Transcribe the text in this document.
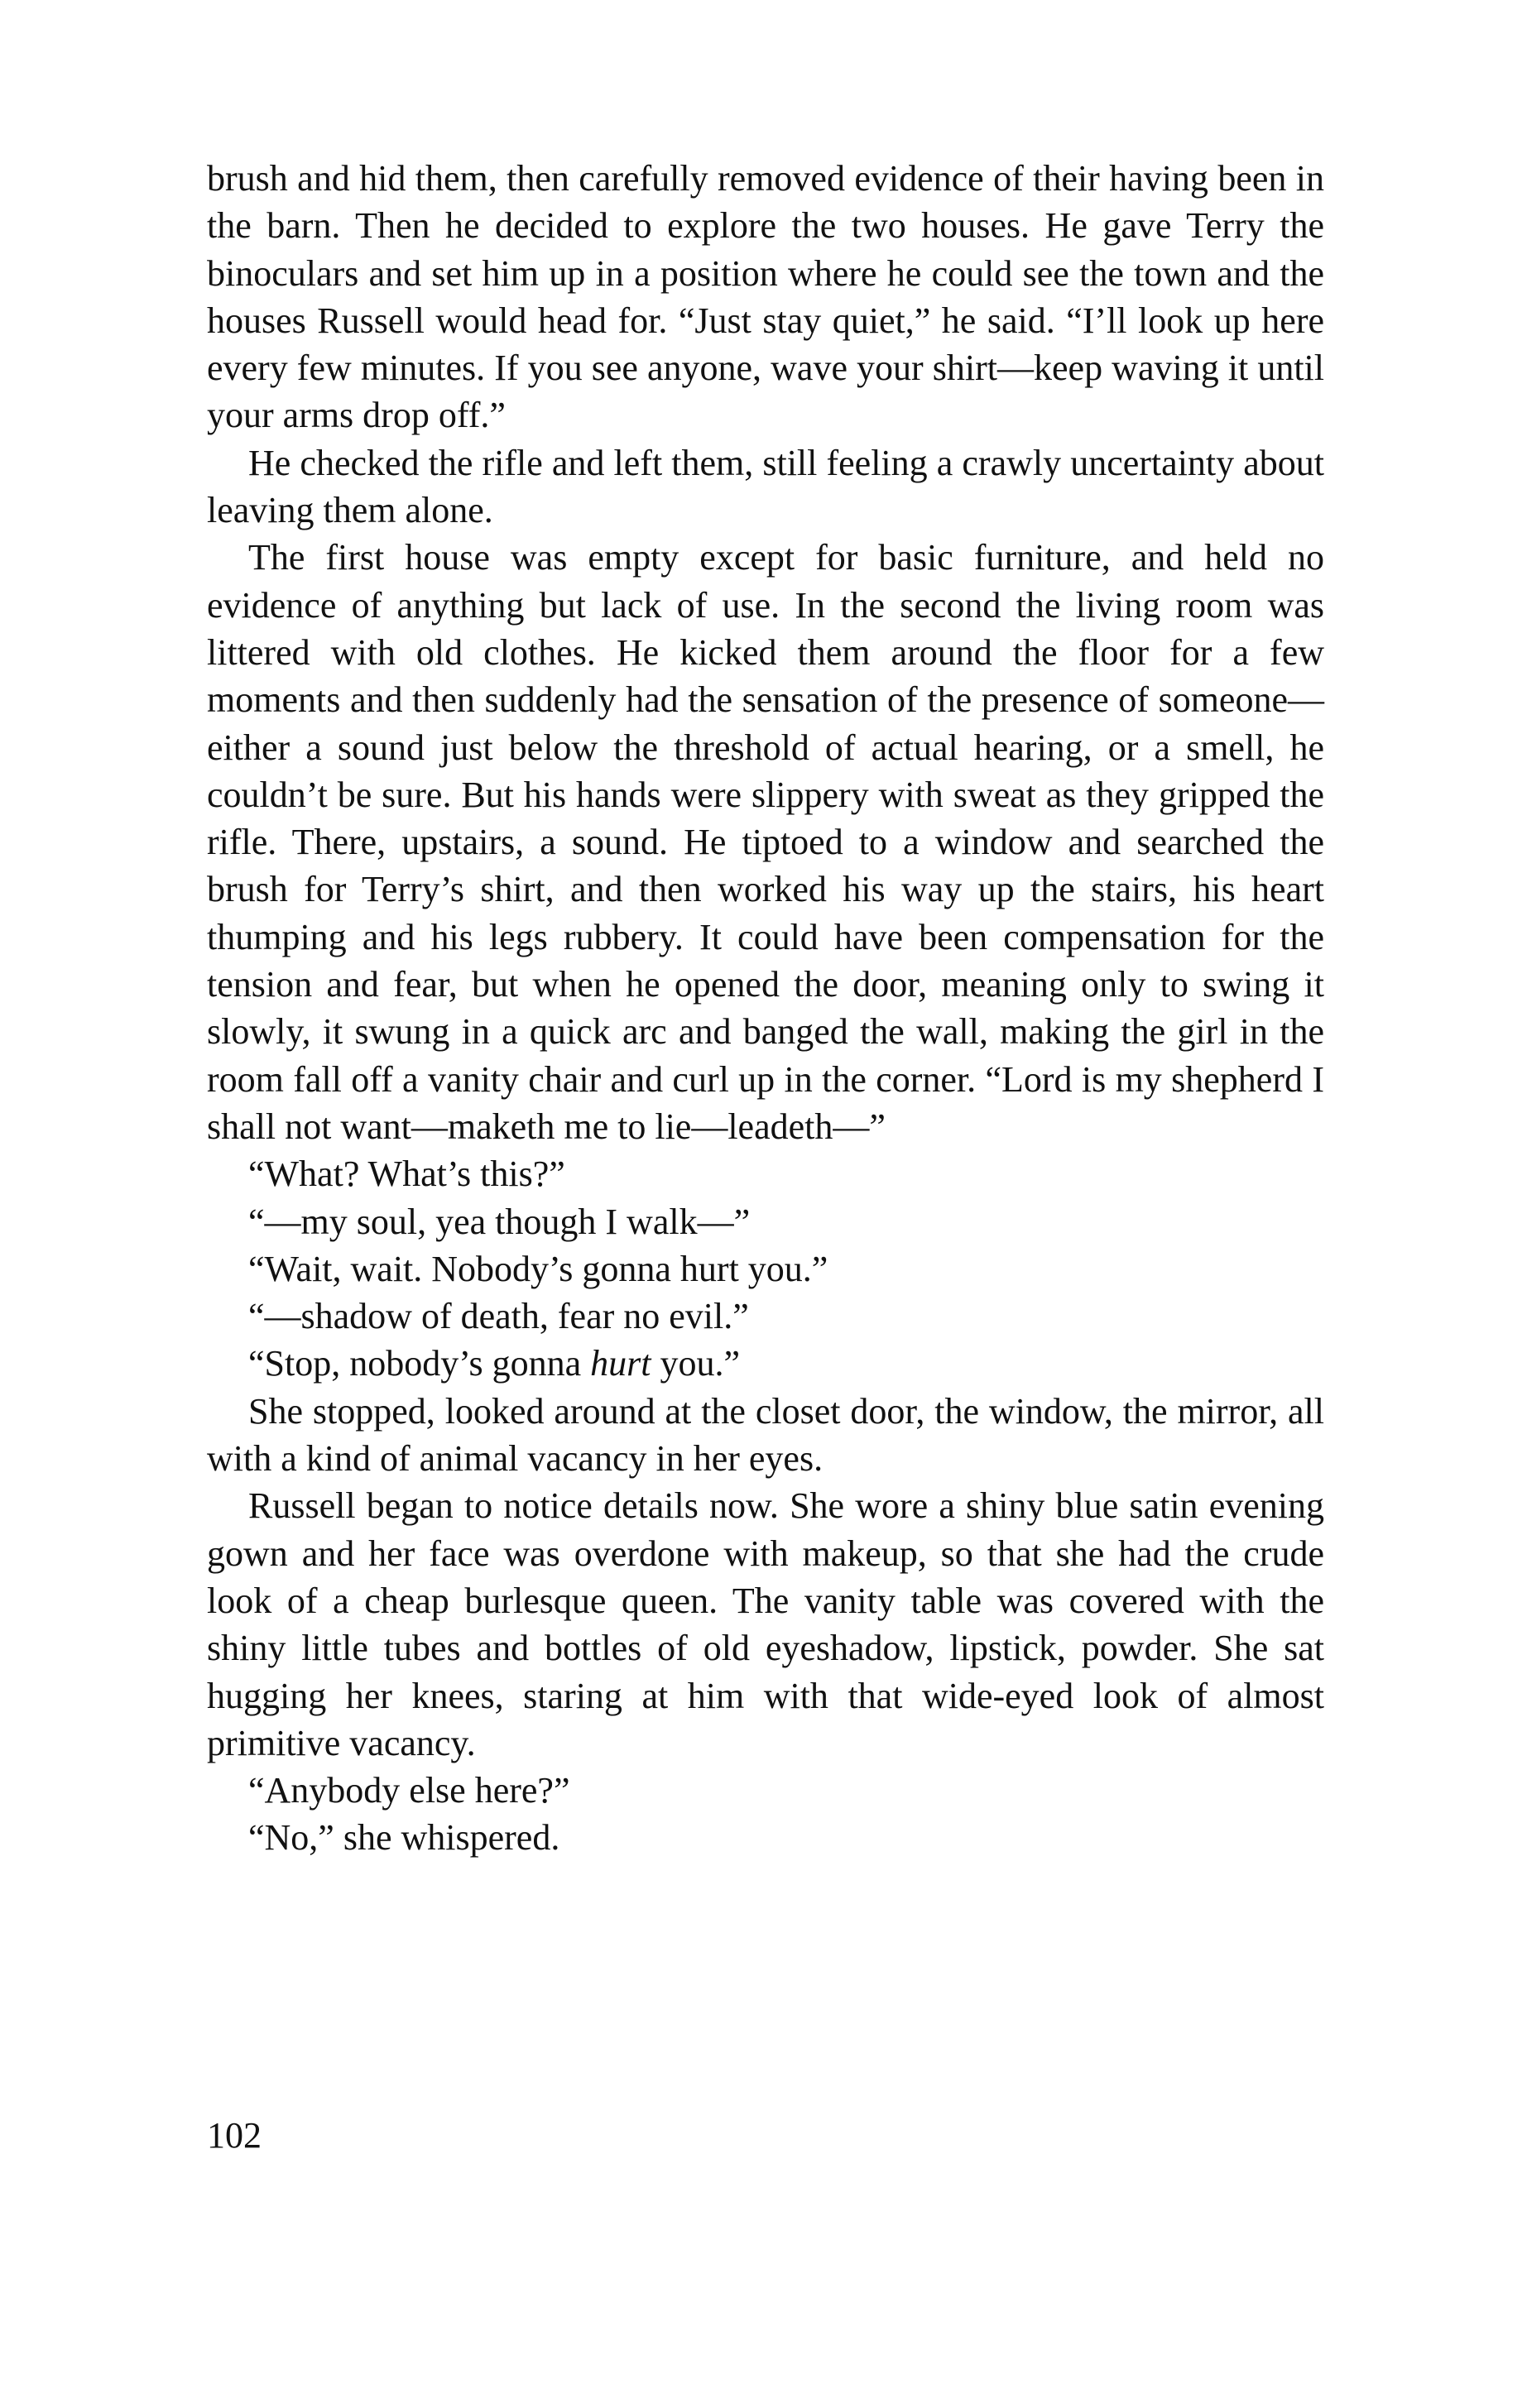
brush and hid them, then carefully removed evidence of their having been in the barn. Then he decided to explore the two houses. He gave Terry the binoculars and set him up in a position where he could see the town and the houses Russell would head for. “Just stay quiet,” he said. “I’ll look up here every few minutes. If you see anyone, wave your shirt—keep waving it until your arms drop off.”

He checked the rifle and left them, still feeling a crawly uncertainty about leaving them alone.

The first house was empty except for basic furniture, and held no evidence of anything but lack of use. In the second the living room was littered with old clothes. He kicked them around the floor for a few moments and then suddenly had the sensation of the presence of someone—either a sound just below the threshold of actual hearing, or a smell, he couldn’t be sure. But his hands were slippery with sweat as they gripped the rifle. There, upstairs, a sound. He tiptoed to a window and searched the brush for Terry’s shirt, and then worked his way up the stairs, his heart thumping and his legs rubbery. It could have been compensation for the tension and fear, but when he opened the door, meaning only to swing it slowly, it swung in a quick arc and banged the wall, making the girl in the room fall off a vanity chair and curl up in the corner. “Lord is my shepherd I shall not want—maketh me to lie—leadeth—”

“What? What’s this?”

“—my soul, yea though I walk—”

“Wait, wait. Nobody’s gonna hurt you.”

“—shadow of death, fear no evil.”

“Stop, nobody’s gonna hurt you.”

She stopped, looked around at the closet door, the window, the mirror, all with a kind of animal vacancy in her eyes.

Russell began to notice details now. She wore a shiny blue satin evening gown and her face was overdone with makeup, so that she had the crude look of a cheap burlesque queen. The vanity table was covered with the shiny little tubes and bottles of old eyeshadow, lipstick, powder. She sat hugging her knees, staring at him with that wide-eyed look of almost primitive vacancy.

“Anybody else here?”

“No,” she whispered.

102
